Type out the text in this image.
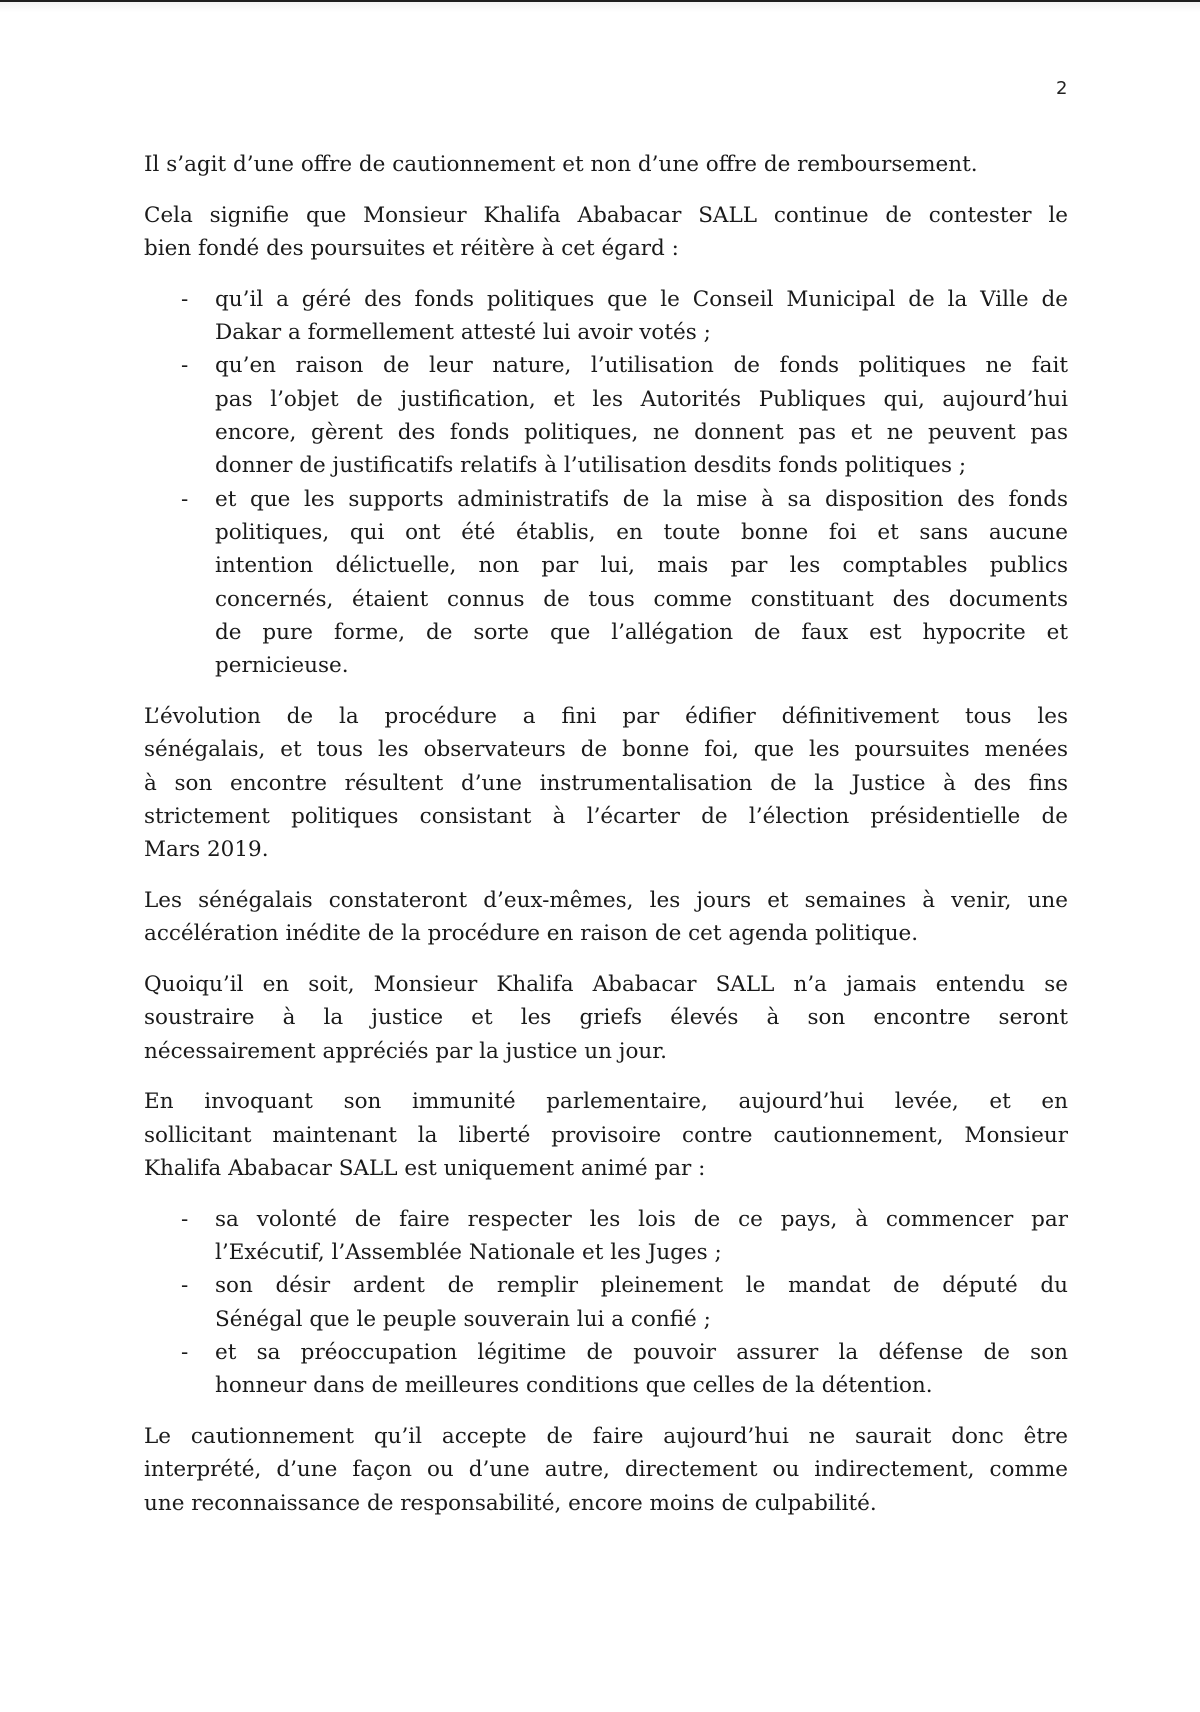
2
Il s’agit d’une offre de cautionnement et non d’une offre de remboursement.
Cela signifie que Monsieur Khalifa Ababacar SALL continue de contester le
bien fondé des poursuites et réitère à cet égard :
- qu’il a géré des fonds politiques que le Conseil Municipal de la Ville de
Dakar a formellement attesté lui avoir votés ;
- qu’en raison de leur nature, l’utilisation de fonds politiques ne fait
pas l’objet de justification, et les Autorités Publiques qui, aujourd’hui
encore, gèrent des fonds politiques, ne donnent pas et ne peuvent pas
donner de justificatifs relatifs à l’utilisation desdits fonds politiques ;
- et que les supports administratifs de la mise à sa disposition des fonds
politiques, qui ont été établis, en toute bonne foi et sans aucune
intention délictuelle, non par lui, mais par les comptables publics
concernés, étaient connus de tous comme constituant des documents
de pure forme, de sorte que l’allégation de faux est hypocrite et
pernicieuse.
L’évolution de la procédure a fini par édifier définitivement tous les
sénégalais, et tous les observateurs de bonne foi, que les poursuites menées
à son encontre résultent d’une instrumentalisation de la Justice à des fins
strictement politiques consistant à l’écarter de l’élection présidentielle de
Mars 2019.
Les sénégalais constateront d’eux-mêmes, les jours et semaines à venir, une
accélération inédite de la procédure en raison de cet agenda politique.
Quoiqu’il en soit, Monsieur Khalifa Ababacar SALL n’a jamais entendu se
soustraire à la justice et les griefs élevés à son encontre seront
nécessairement appréciés par la justice un jour.
En invoquant son immunité parlementaire, aujourd’hui levée, et en
sollicitant maintenant la liberté provisoire contre cautionnement, Monsieur
Khalifa Ababacar SALL est uniquement animé par :
- sa volonté de faire respecter les lois de ce pays, à commencer par
l’Exécutif, l’Assemblée Nationale et les Juges ;
- son désir ardent de remplir pleinement le mandat de député du
Sénégal que le peuple souverain lui a confié ;
- et sa préoccupation légitime de pouvoir assurer la défense de son
honneur dans de meilleures conditions que celles de la détention.
Le cautionnement qu’il accepte de faire aujourd’hui ne saurait donc être
interprété, d’une façon ou d’une autre, directement ou indirectement, comme
une reconnaissance de responsabilité, encore moins de culpabilité.
